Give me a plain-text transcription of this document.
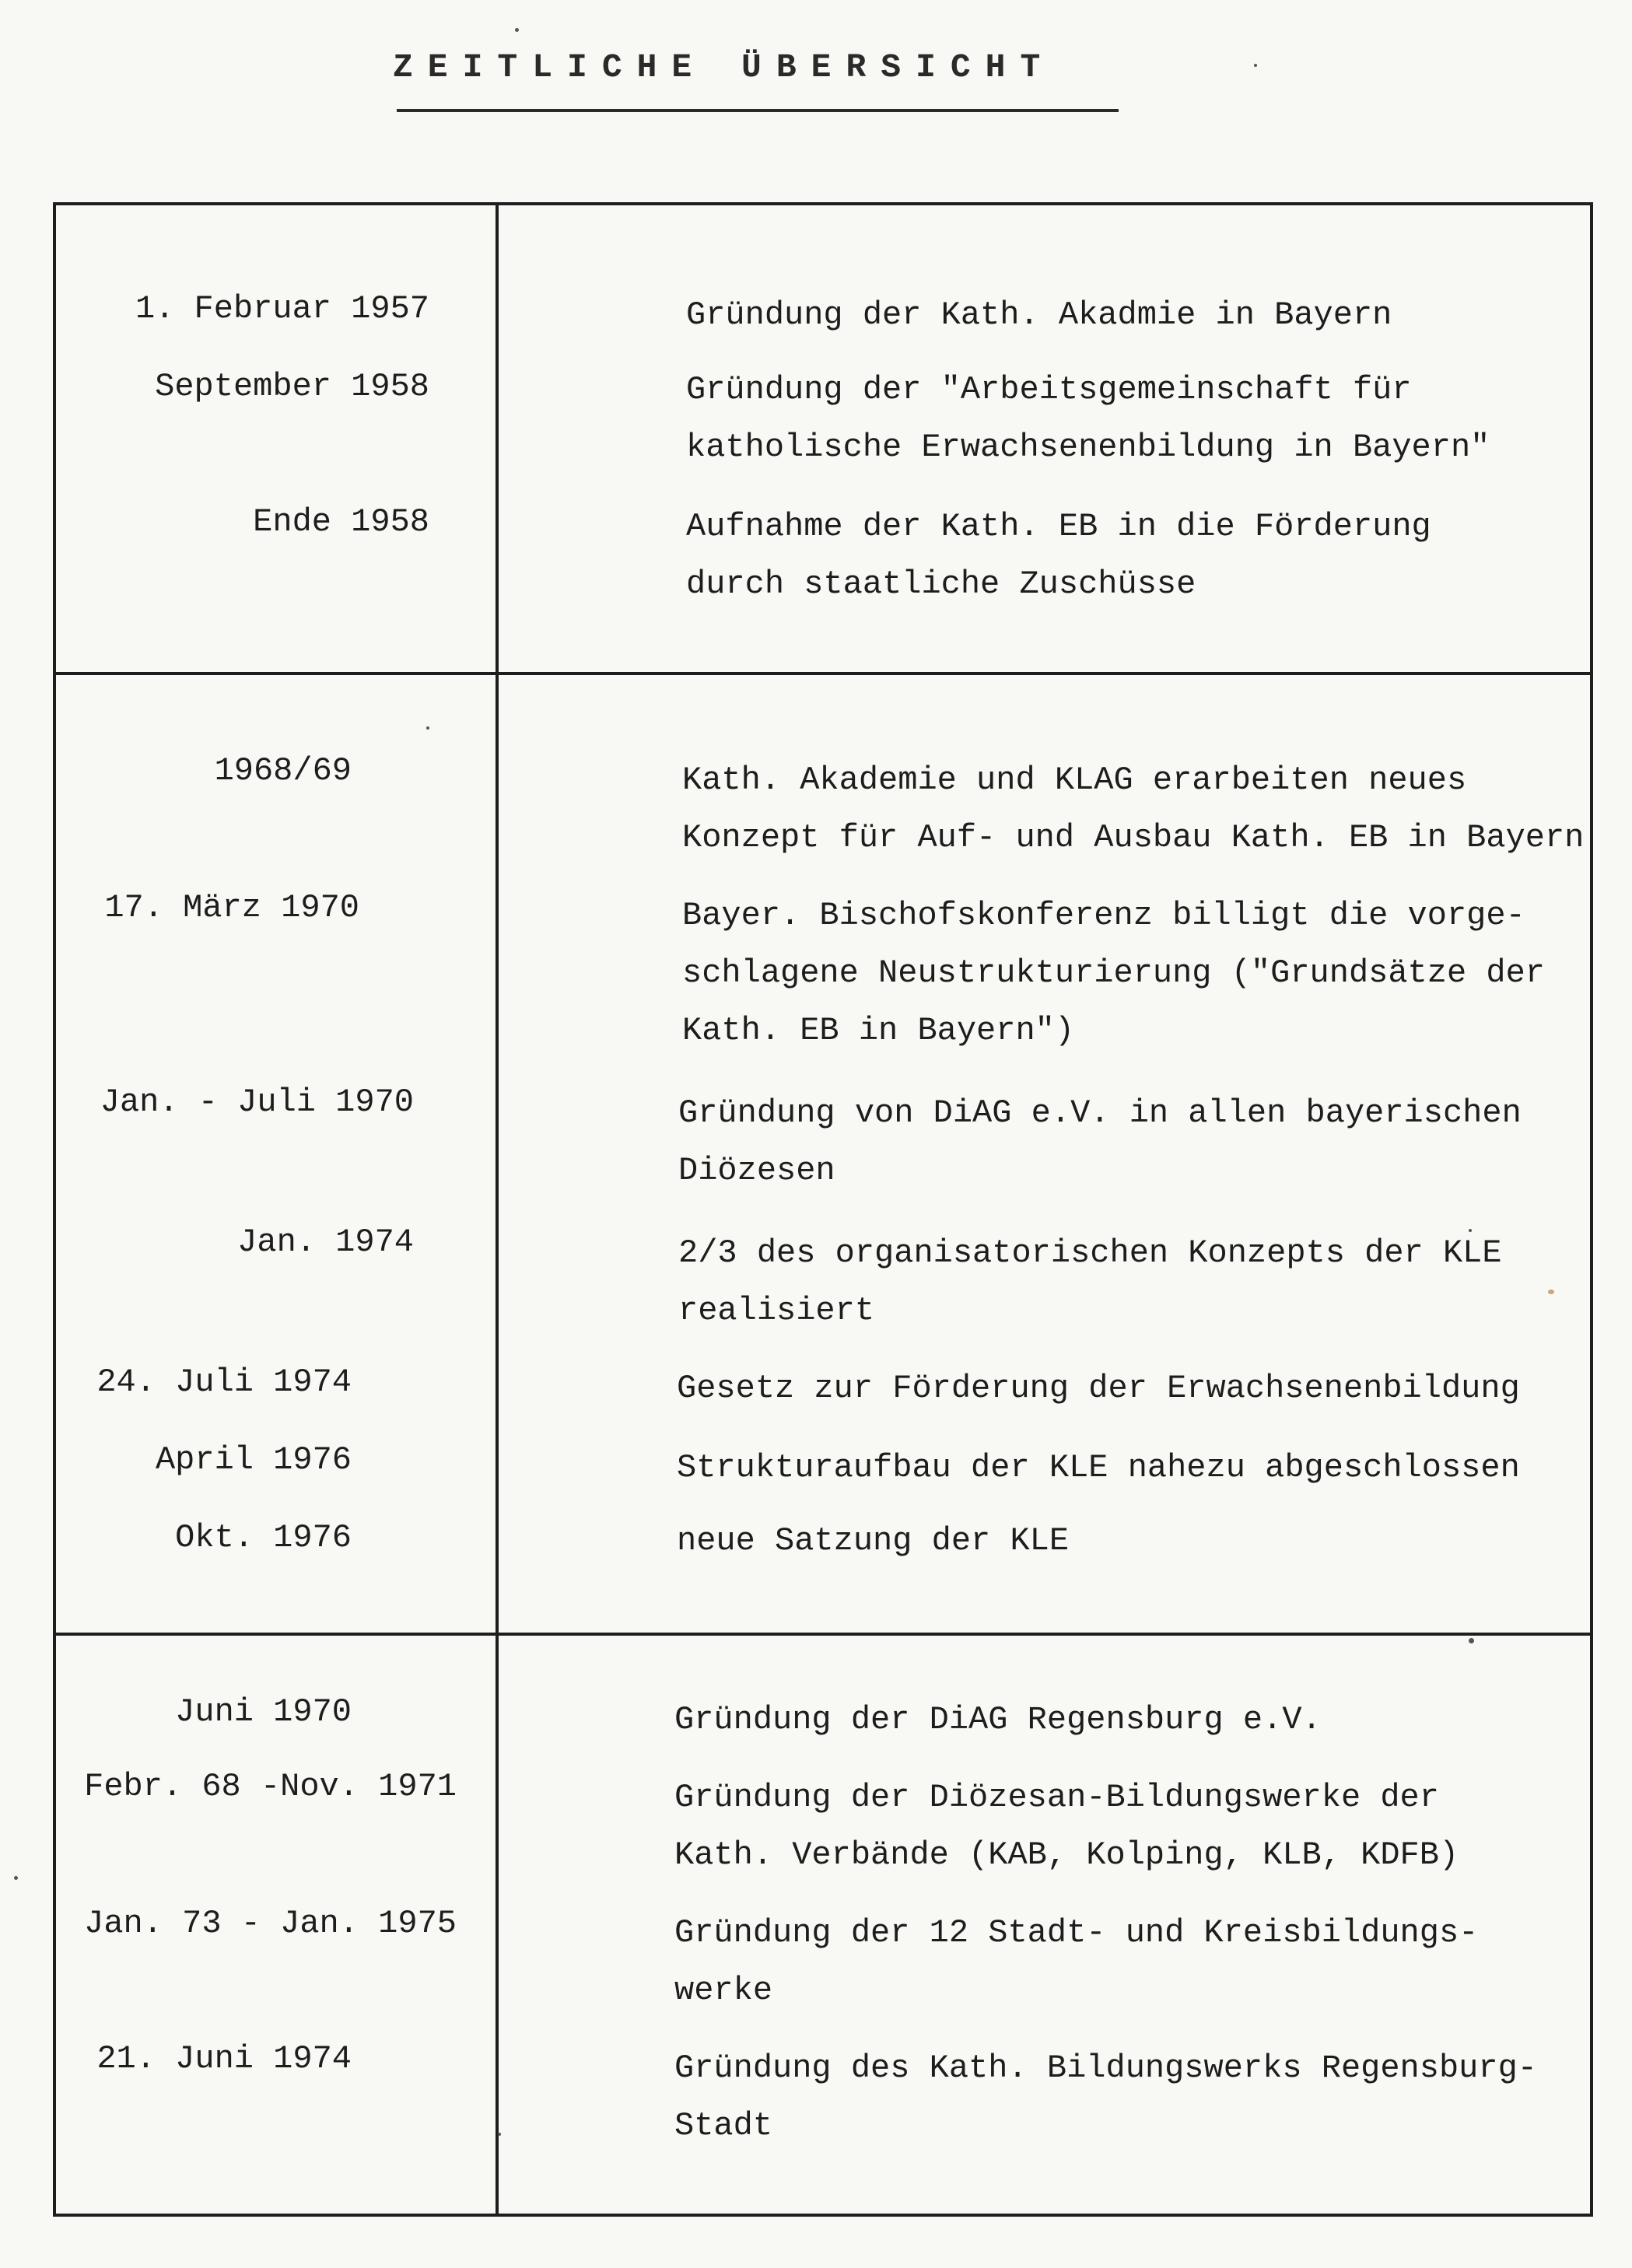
ZEITLICHE ÜBERSICHT
1. Februar 1957	Gründung der Kath. Akadmie in Bayern
September 1958	Gründung der "Arbeitsgemeinschaft für
katholische Erwachsenenbildung in Bayern"
Ende 1958	Aufnahme der Kath. EB in die Förderung
durch staatliche Zuschüsse
1968/69	Kath. Akademie und KLAG erarbeiten neues
Konzept für Auf- und Ausbau Kath. EB in Bayern
17. März 1970	Bayer. Bischofskonferenz billigt die vorge-
schlagene Neustrukturierung ("Grundsätze der
Kath. EB in Bayern")
Jan. - Juli 1970	Gründung von DiAG e.V. in allen bayerischen
Diözesen
Jan. 1974	2/3 des organisatorischen Konzepts der KLE
realisiert
24. Juli 1974	Gesetz zur Förderung der Erwachsenenbildung
April 1976	Strukturaufbau der KLE nahezu abgeschlossen
Okt. 1976	neue Satzung der KLE
Juni 1970	Gründung der DiAG Regensburg e.V.
Febr. 68 -Nov. 1971	Gründung der Diözesan-Bildungswerke der
Kath. Verbände (KAB, Kolping, KLB, KDFB)
Jan. 73 - Jan. 1975	Gründung der 12 Stadt- und Kreisbildungs-
werke
21. Juni 1974	Gründung des Kath. Bildungswerks Regensburg-
Stadt
